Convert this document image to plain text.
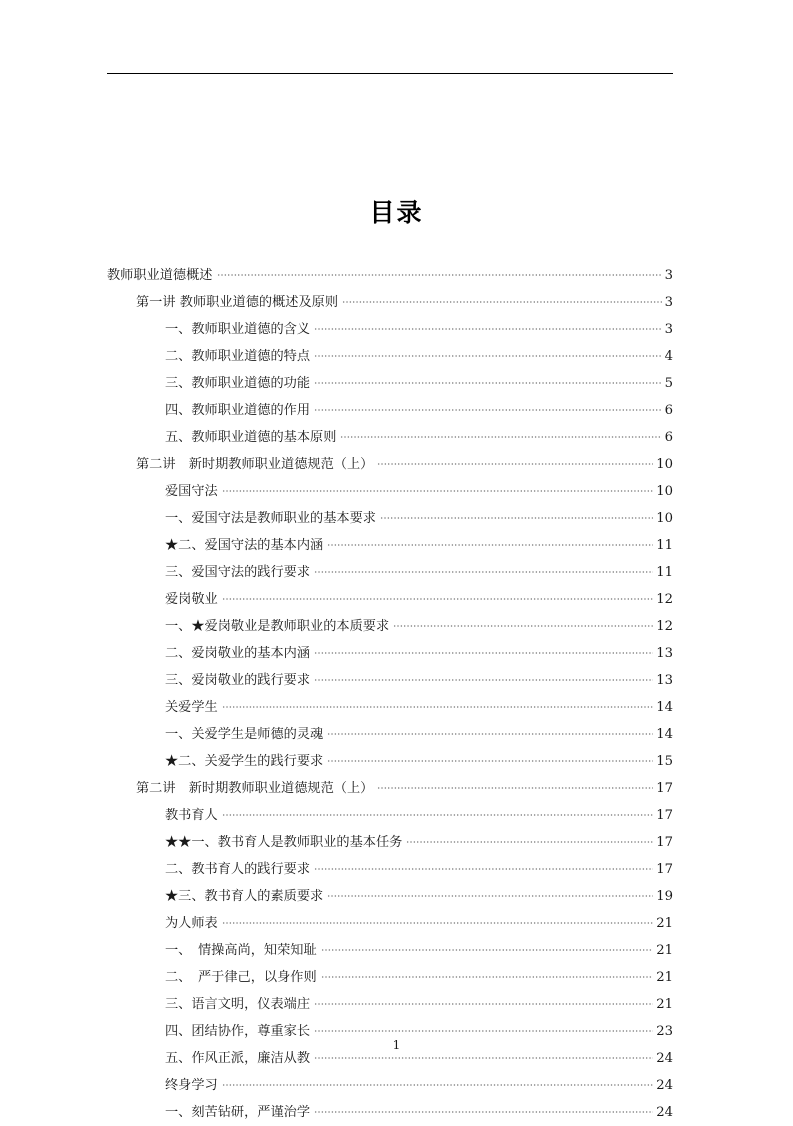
目录
教师职业道德概述	3
第一讲 教师职业道德的概述及原则	3
一、教师职业道德的含义	3
二、教师职业道德的特点	4
三、教师职业道德的功能	5
四、教师职业道德的作用	6
五、教师职业道德的基本原则	6
第二讲　新时期教师职业道德规范（上）	10
爱国守法	10
一、爱国守法是教师职业的基本要求	10
★二、爱国守法的基本内涵	11
三、爱国守法的践行要求	11
爱岗敬业	12
一、★爱岗敬业是教师职业的本质要求	12
二、爱岗敬业的基本内涵	13
三、爱岗敬业的践行要求	13
关爱学生	14
一、关爱学生是师德的灵魂	14
★二、关爱学生的践行要求	15
第二讲　新时期教师职业道德规范（上）	17
教书育人	17
★★一、教书育人是教师职业的基本任务	17
二、教书育人的践行要求	17
★三、教书育人的素质要求	19
为人师表	21
一、　情操高尚，知荣知耻	21
二、　严于律己，以身作则	21
三、语言文明，仪表端庄	21
四、团结协作，尊重家长	23
五、作风正派，廉洁从教	24
终身学习	24
一、刻苦钻研，严谨治学	24
1
